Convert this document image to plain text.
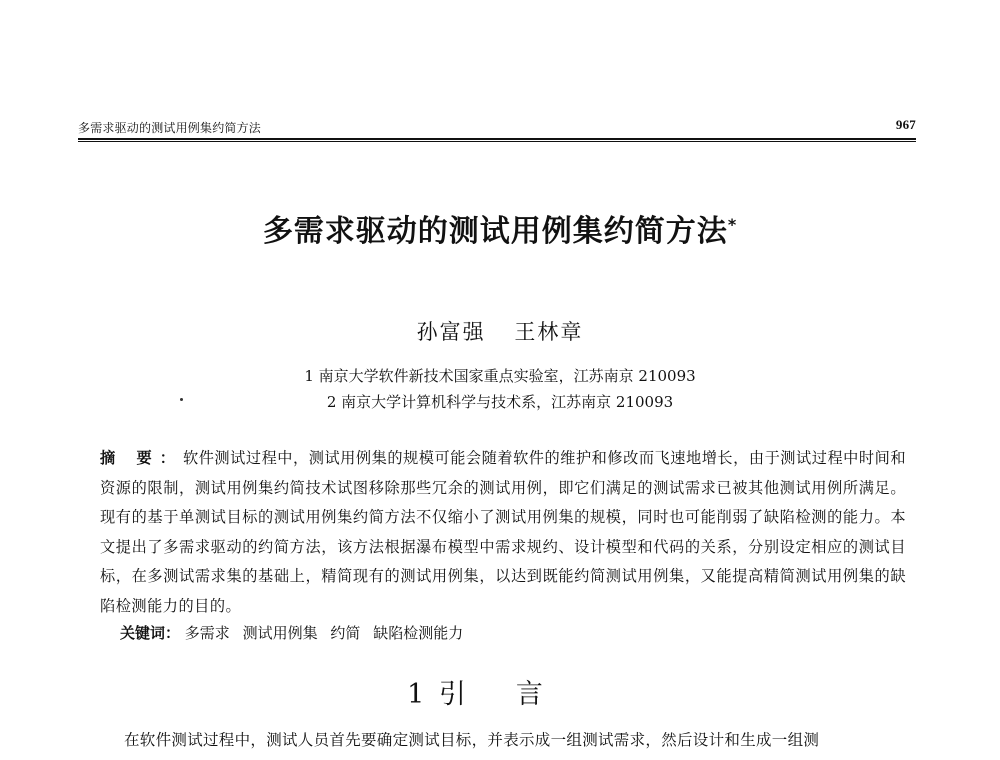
多需求驱动的测试用例集约简方法	967
多需求驱动的测试用例集约简方法*
孙富强 王林章
1 南京大学软件新技术国家重点实验室，江苏南京 210093
2 南京大学计算机科学与技术系，江苏南京 210093
摘 要：软件测试过程中，测试用例集的规模可能会随着软件的维护和修改而飞速地增长，由于测试过程中时间和资源的限制，测试用例集约简技术试图移除那些冗余的测试用例，即它们满足的测试需求已被其他测试用例所满足。现有的基于单测试目标的测试用例集约简方法不仅缩小了测试用例集的规模，同时也可能削弱了缺陷检测的能力。本文提出了多需求驱动的约简方法，该方法根据瀑布模型中需求规约、设计模型和代码的关系，分别设定相应的测试目标，在多测试需求集的基础上，精简现有的测试用例集，以达到既能约简测试用例集，又能提高精简测试用例集的缺陷检测能力的目的。
关键词： 多需求 测试用例集 约简 缺陷检测能力
1 引言
在软件测试过程中，测试人员首先要确定测试目标，并表示成一组测试需求，然后设计和生成一组测
